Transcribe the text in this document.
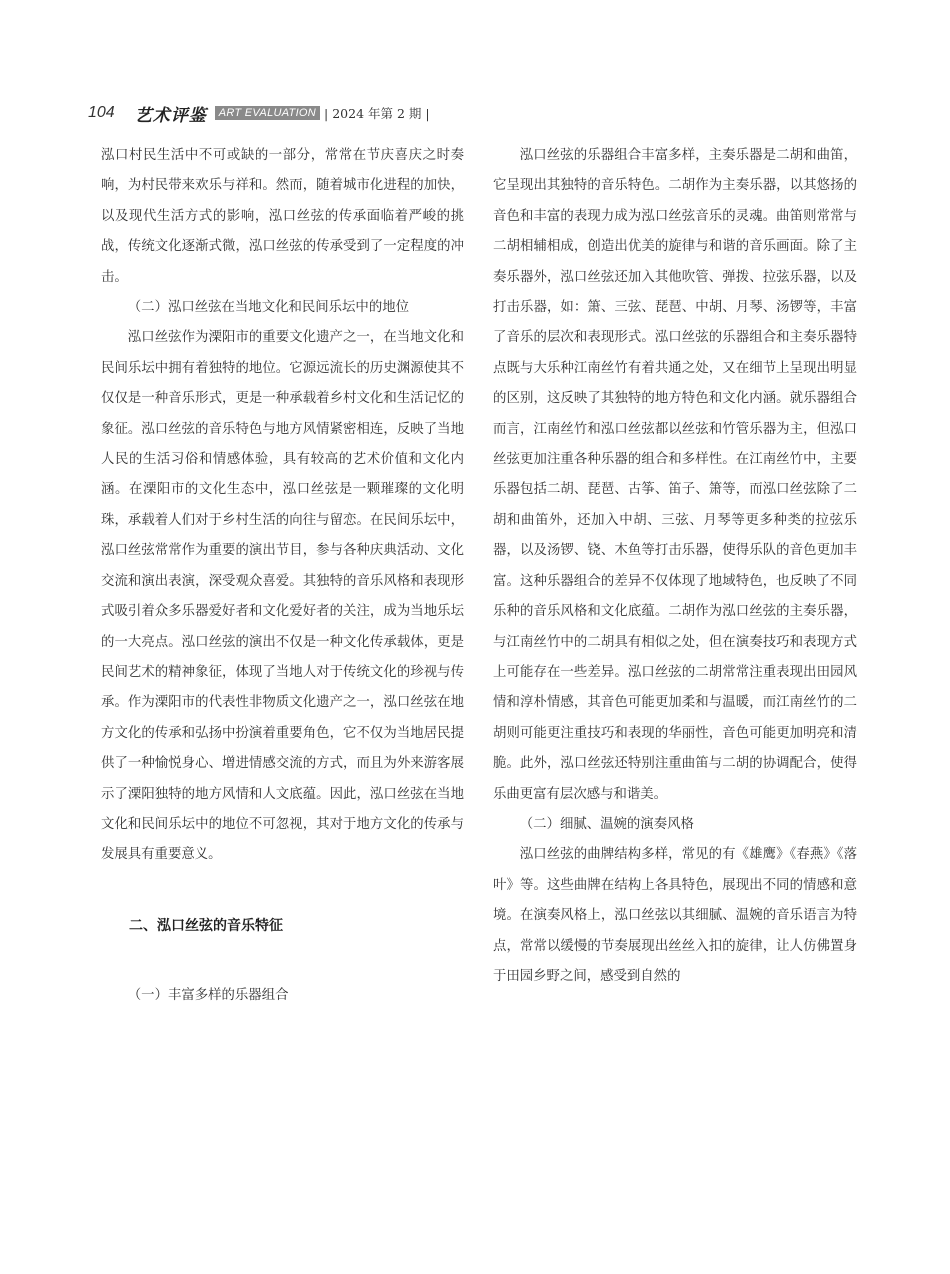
104 艺术评鉴	ART EVALUATION | 2024 年第 2 期 |

泓口村民生活中不可或缺的一部分，常常在节庆喜庆之时奏响，为村民带来欢乐与祥和。然而，随着城市化进程的加快，以及现代生活方式的影响，泓口丝弦的传承面临着严峻的挑战，传统文化逐渐式微，泓口丝弦的传承受到了一定程度的冲击。

（二）泓口丝弦在当地文化和民间乐坛中的地位

泓口丝弦作为溧阳市的重要文化遗产之一，在当地文化和民间乐坛中拥有着独特的地位。它源远流长的历史渊源使其不仅仅是一种音乐形式，更是一种承载着乡村文化和生活记忆的象征。泓口丝弦的音乐特色与地方风情紧密相连，反映了当地人民的生活习俗和情感体验，具有较高的艺术价值和文化内涵。在溧阳市的文化生态中，泓口丝弦是一颗璀璨的文化明珠，承载着人们对于乡村生活的向往与留恋。在民间乐坛中，泓口丝弦常常作为重要的演出节目，参与各种庆典活动、文化交流和演出表演，深受观众喜爱。其独特的音乐风格和表现形式吸引着众多乐器爱好者和文化爱好者的关注，成为当地乐坛的一大亮点。泓口丝弦的演出不仅是一种文化传承载体，更是民间艺术的精神象征，体现了当地人对于传统文化的珍视与传承。作为溧阳市的代表性非物质文化遗产之一，泓口丝弦在地方文化的传承和弘扬中扮演着重要角色，它不仅为当地居民提供了一种愉悦身心、增进情感交流的方式，而且为外来游客展示了溧阳独特的地方风情和人文底蕴。因此，泓口丝弦在当地文化和民间乐坛中的地位不可忽视，其对于地方文化的传承与发展具有重要意义。

二、泓口丝弦的音乐特征

（一）丰富多样的乐器组合

泓口丝弦的乐器组合丰富多样，主奏乐器是二胡和曲笛，它呈现出其独特的音乐特色。二胡作为主奏乐器，以其悠扬的音色和丰富的表现力成为泓口丝弦音乐的灵魂。曲笛则常常与二胡相辅相成，创造出优美的旋律与和谐的音乐画面。除了主奏乐器外，泓口丝弦还加入其他吹管、弹拨、拉弦乐器，以及打击乐器，如：箫、三弦、琵琶、中胡、月琴、汤锣等，丰富了音乐的层次和表现形式。泓口丝弦的乐器组合和主奏乐器特点既与大乐种江南丝竹有着共通之处，又在细节上呈现出明显的区别，这反映了其独特的地方特色和文化内涵。就乐器组合而言，江南丝竹和泓口丝弦都以丝弦和竹管乐器为主，但泓口丝弦更加注重各种乐器的组合和多样性。在江南丝竹中，主要乐器包括二胡、琵琶、古筝、笛子、箫等，而泓口丝弦除了二胡和曲笛外，还加入中胡、三弦、月琴等更多种类的拉弦乐器，以及汤锣、铙、木鱼等打击乐器，使得乐队的音色更加丰富。这种乐器组合的差异不仅体现了地域特色，也反映了不同乐种的音乐风格和文化底蕴。二胡作为泓口丝弦的主奏乐器，与江南丝竹中的二胡具有相似之处，但在演奏技巧和表现方式上可能存在一些差异。泓口丝弦的二胡常常注重表现出田园风情和淳朴情感，其音色可能更加柔和与温暖，而江南丝竹的二胡则可能更注重技巧和表现的华丽性，音色可能更加明亮和清脆。此外，泓口丝弦还特别注重曲笛与二胡的协调配合，使得乐曲更富有层次感与和谐美。

（二）细腻、温婉的演奏风格

泓口丝弦的曲牌结构多样，常见的有《雄鹰》《春燕》《落叶》等。这些曲牌在结构上各具特色，展现出不同的情感和意境。在演奏风格上，泓口丝弦以其细腻、温婉的音乐语言为特点，常常以缓慢的节奏展现出丝丝入扣的旋律，让人仿佛置身于田园乡野之间，感受到自然的
